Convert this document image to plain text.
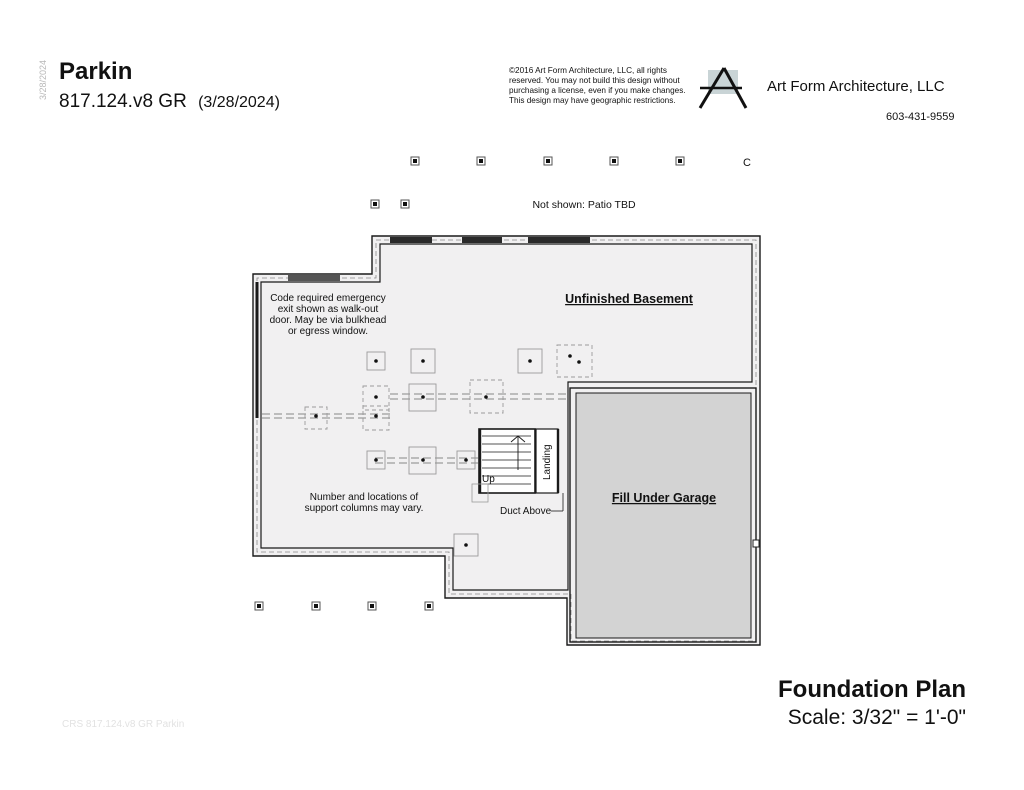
Parkin
817.124.v8 GR (3/28/2024)
3/28/2024	©2016 Art Form Architecture, LLC, all rights
reserved. You may not build this design without
purchasing a license, even if you make changes.
This design may have geographic restrictions.
Art Form Architecture, LLC
603-431-9559
C
Not shown: Patio TBD
Unfinished Basement
Fill Under Garage
Code required emergency
exit shown as walk-out
door. May be via bulkhead
or egress window.
Number and locations of
support columns may vary.	Duct Above
Up	Landing
Foundation Plan
Scale: 3/32" = 1'-0"
CRS 817.124.v8 GR Parkin
